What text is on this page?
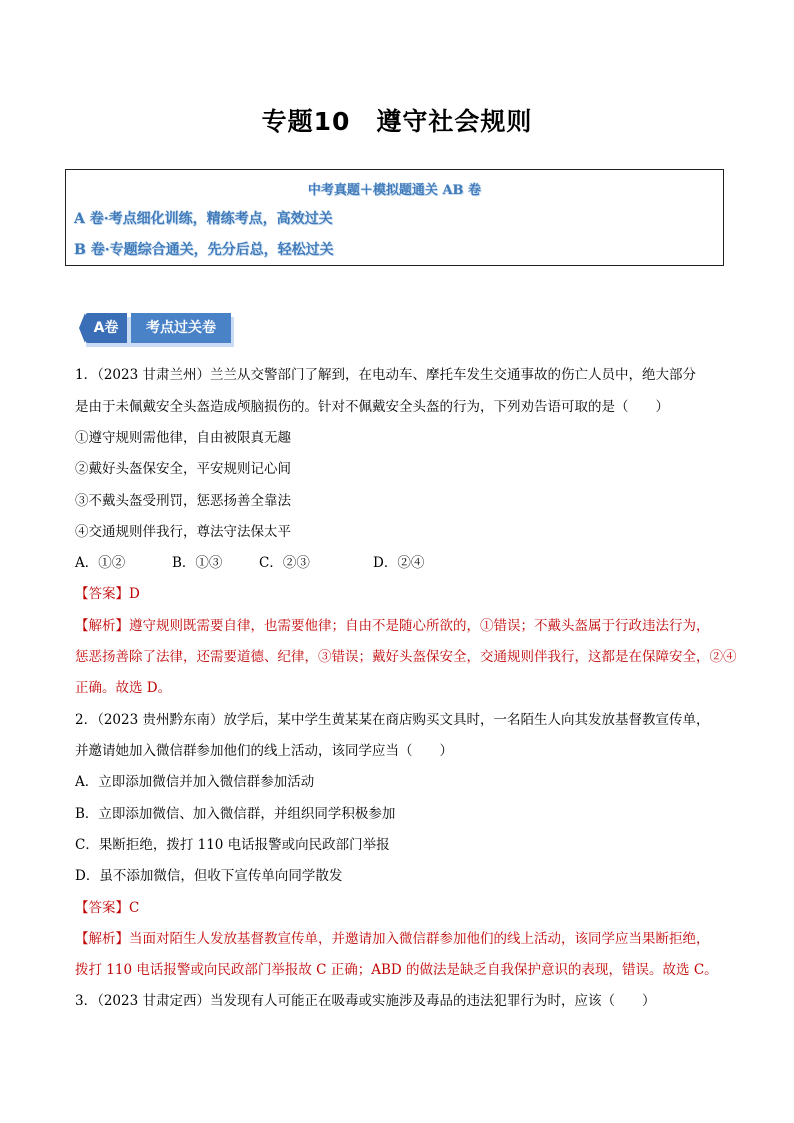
专题10　遵守社会规则
中考真题＋模拟题通关 AB 卷
A 卷·考点细化训练，精练考点，高效过关
B 卷·专题综合通关，先分后总，轻松过关
A卷	考点过关卷
1．（2023 甘肃兰州）兰兰从交警部门了解到，在电动车、摩托车发生交通事故的伤亡人员中，绝大部分
是由于未佩戴安全头盔造成颅脑损伤的。针对不佩戴安全头盔的行为，下列劝告语可取的是（　　）
①遵守规则需他律，自由被限真无趣
②戴好头盔保安全，平安规则记心间
③不戴头盔受刑罚，惩恶扬善全靠法
④交通规则伴我行，尊法守法保太平
A．①②	B．①③	C．②③	D．②④
【答案】D
【解析】遵守规则既需要自律，也需要他律；自由不是随心所欲的，①错误；不戴头盔属于行政违法行为，
惩恶扬善除了法律，还需要道德、纪律，③错误；戴好头盔保安全，交通规则伴我行，这都是在保障安全，②④
正确。故选 D。
2．（2023 贵州黔东南）放学后，某中学生黄某某在商店购买文具时，一名陌生人向其发放基督教宣传单，
并邀请她加入微信群参加他们的线上活动，该同学应当（　　）
A．立即添加微信并加入微信群参加活动
B．立即添加微信、加入微信群，并组织同学积极参加
C．果断拒绝，拨打 110 电话报警或向民政部门举报
D．虽不添加微信，但收下宣传单向同学散发
【答案】C
【解析】当面对陌生人发放基督教宣传单，并邀请加入微信群参加他们的线上活动，该同学应当果断拒绝，
拨打 110 电话报警或向民政部门举报故 C 正确；ABD 的做法是缺乏自我保护意识的表现，错误。故选 C。
3．（2023 甘肃定西）当发现有人可能正在吸毒或实施涉及毒品的违法犯罪行为时，应该（　　）
